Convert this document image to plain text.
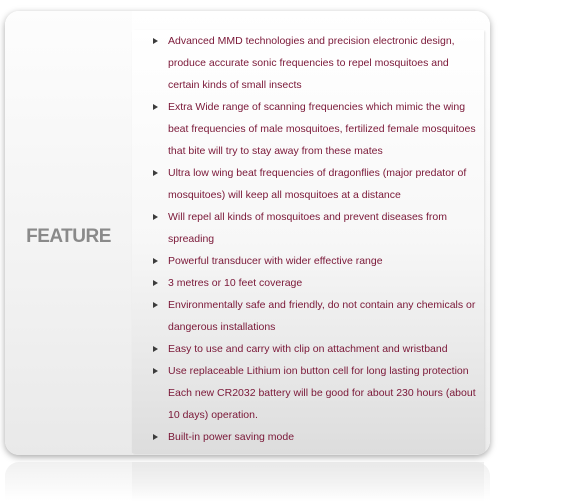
FEATURE
Advanced MMD technologies and precision electronic design, produce accurate sonic frequencies to repel mosquitoes and certain kinds of small insects
Extra Wide range of scanning frequencies which mimic the wing beat frequencies of male mosquitoes, fertilized female mosquitoes that bite will try to stay away from these mates
Ultra low wing beat frequencies of dragonflies (major predator of mosquitoes) will keep all mosquitoes at a distance
Will repel all kinds of mosquitoes and prevent diseases from spreading
Powerful transducer with wider effective range
3 metres or 10 feet coverage
Environmentally safe and friendly, do not contain any chemicals or dangerous installations
Easy to use and carry with clip on attachment and wristband
Use replaceable Lithium ion button cell for long lasting protection Each new CR2032 battery will be good for about 230 hours (about 10 days) operation.
Built-in power saving mode
